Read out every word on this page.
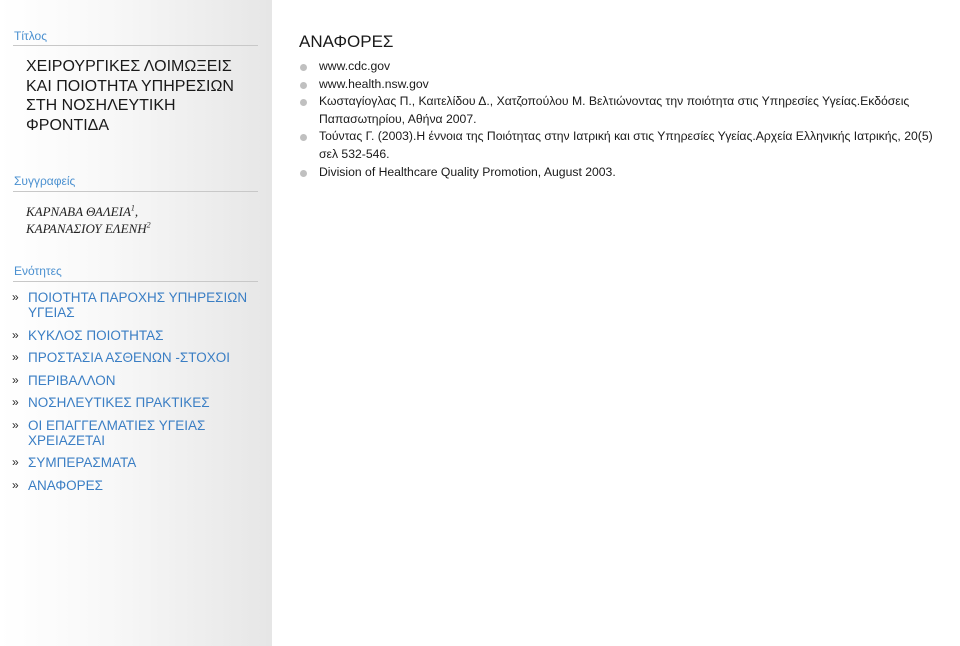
Τίτλος
ΧΕΙΡΟΥΡΓΙΚΕΣ ΛΟΙΜΩΞΕΙΣ ΚΑΙ ΠΟΙΟΤΗΤΑ ΥΠΗΡΕΣΙΩΝ ΣΤΗ ΝΟΣΗΛΕΥΤΙΚΗ ΦΡΟΝΤΙΔΑ
Συγγραφείς
ΚΑΡΝΑΒΑ ΘΑΛΕΙΑ$^1$,
ΚΑΡΑΝΑΣΙΟΥ ΕΛΕΝΗ$^2$
Ενότητες
» ΠΟΙΟΤΗΤΑ ΠΑΡΟΧΗΣ ΥΠΗΡΕΣΙΩΝ ΥΓΕΙΑΣ
» ΚΥΚΛΟΣ ΠΟΙΟΤΗΤΑΣ
» ΠΡΟΣΤΑΣΙΑ ΑΣΘΕΝΩΝ -ΣΤΟΧΟΙ
» ΠΕΡΙΒΑΛΛΟΝ
» ΝΟΣΗΛΕΥΤΙΚΕΣ ΠΡΑΚΤΙΚΕΣ
» ΟΙ ΕΠΑΓΓΕΛΜΑΤΙΕΣ ΥΓΕΙΑΣ ΧΡΕΙΑΖΕΤΑΙ
» ΣΥΜΠΕΡΑΣΜΑΤΑ
» ΑΝΑΦΟΡΕΣ
ΑΝΑΦΟΡΕΣ
www.cdc.gov
www.health.nsw.gov
Κωσταγίογλας Π., Καιτελίδου Δ., Χατζοπούλου Μ. Βελτιώνοντας την ποιότητα στις Υπηρεσίες Υγείας.Εκδόσεις Παπασωτηρίου, Αθήνα 2007.
Τούντας Γ. (2003).Η έννοια της Ποιότητας στην Ιατρική και στις Υπηρεσίες Υγείας.Αρχεία Ελληνικής Ιατρικής, 20(5) σελ 532-546.
Division of Healthcare Quality Promotion, August 2003.
